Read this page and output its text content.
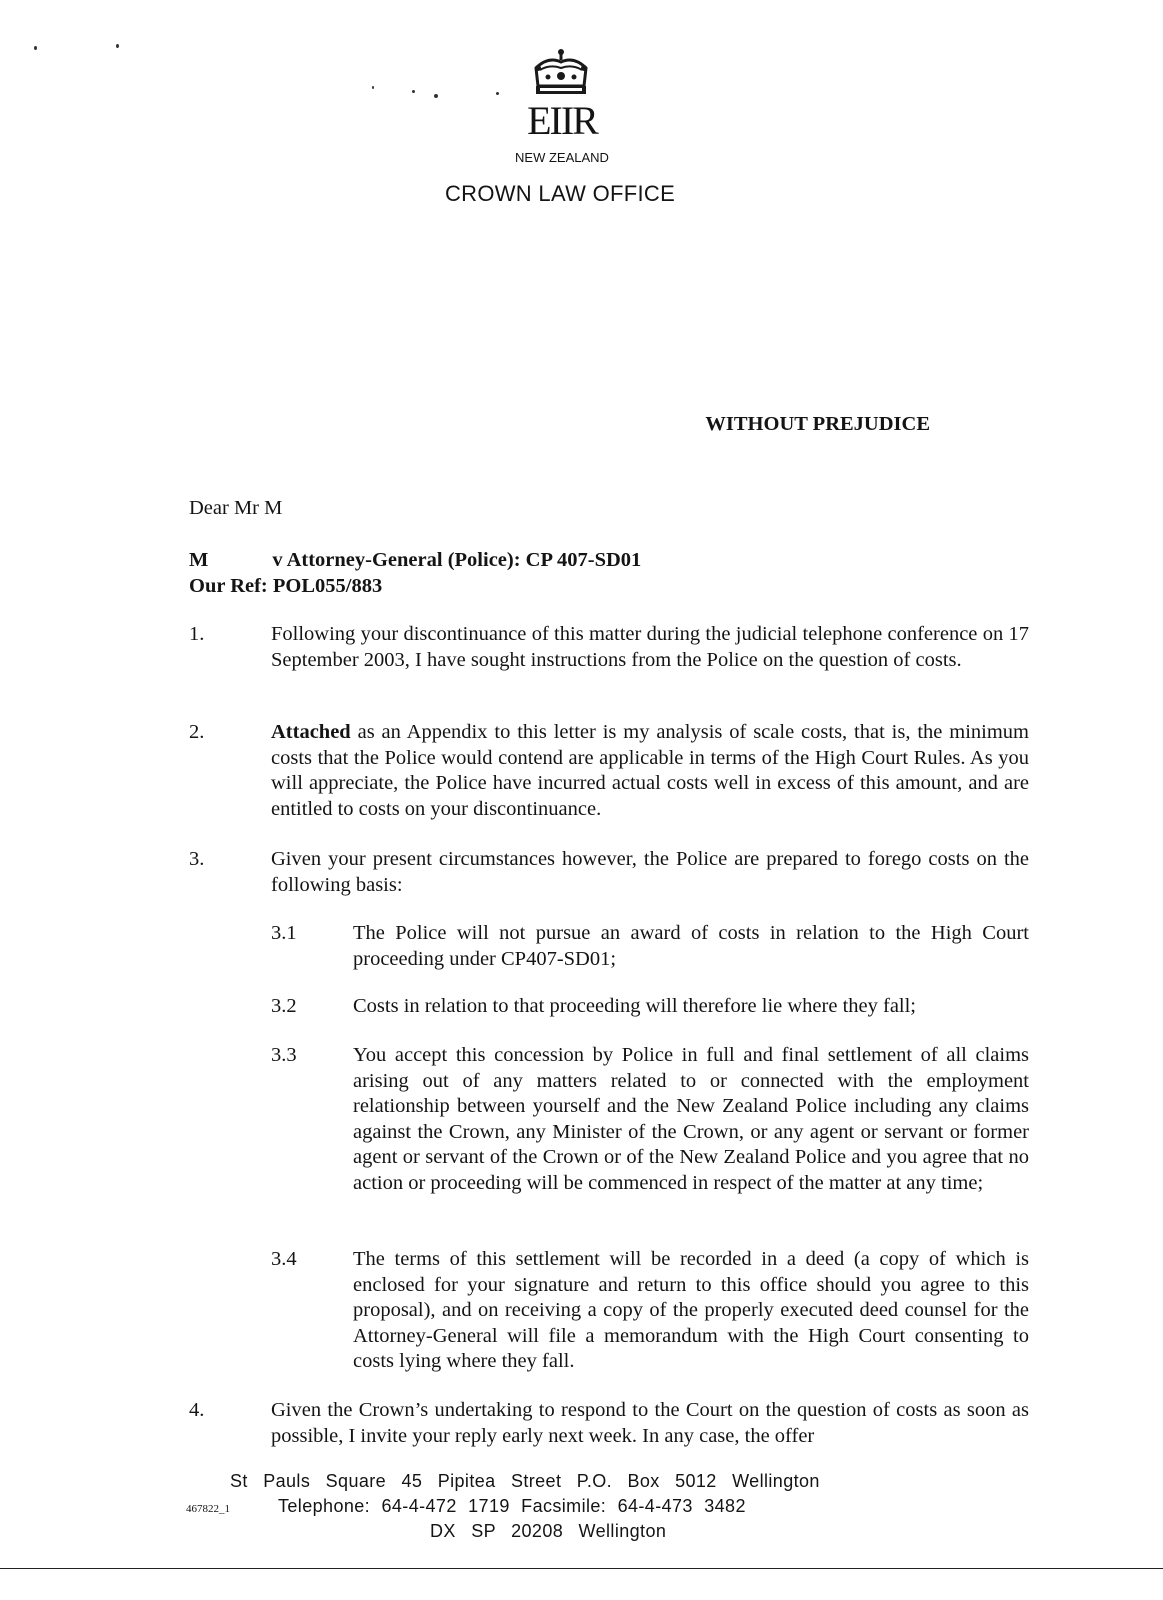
EIIR
NEW ZEALAND
CROWN LAW OFFICE
WITHOUT PREJUDICE
Dear Mr M
M	v Attorney-General (Police): CP 407-SD01
Our Ref: POL055/883
1.	Following your discontinuance of this matter during the judicial telephone conference on 17 September 2003, I have sought instructions from the Police on the question of costs.
2.	Attached as an Appendix to this letter is my analysis of scale costs, that is, the minimum costs that the Police would contend are applicable in terms of the High Court Rules. As you will appreciate, the Police have incurred actual costs well in excess of this amount, and are entitled to costs on your discontinuance.
3.	Given your present circumstances however, the Police are prepared to forego costs on the following basis:
3.1	The Police will not pursue an award of costs in relation to the High Court proceeding under CP407-SD01;
3.2	Costs in relation to that proceeding will therefore lie where they fall;
3.3	You accept this concession by Police in full and final settlement of all claims arising out of any matters related to or connected with the employment relationship between yourself and the New Zealand Police including any claims against the Crown, any Minister of the Crown, or any agent or servant or former agent or servant of the Crown or of the New Zealand Police and you agree that no action or proceeding will be commenced in respect of the matter at any time;
3.4	The terms of this settlement will be recorded in a deed (a copy of which is enclosed for your signature and return to this office should you agree to this proposal), and on receiving a copy of the properly executed deed counsel for the Attorney-General will file a memorandum with the High Court consenting to costs lying where they fall.
4.	Given the Crown’s undertaking to respond to the Court on the question of costs as soon as possible, I invite your reply early next week. In any case, the offer
St Pauls Square 45 Pipitea Street P.O. Box 5012 Wellington
467822_1	Telephone: 64-4-472 1719 Facsimile: 64-4-473 3482
DX SP 20208 Wellington
